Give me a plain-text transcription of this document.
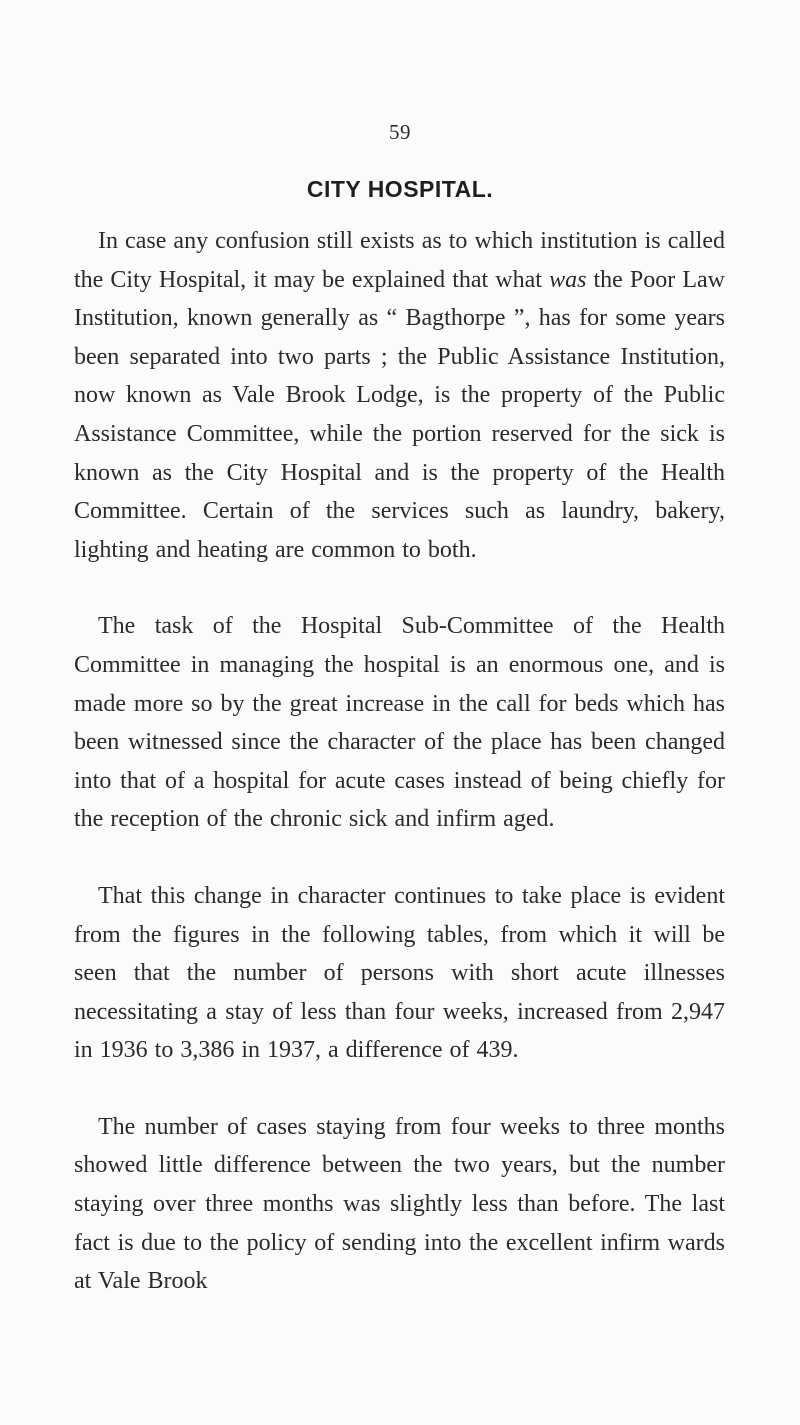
59
CITY HOSPITAL.

In case any confusion still exists as to which institution is called the City Hospital, it may be explained that what was the Poor Law Institution, known generally as “ Bagthorpe ”, has for some years been separated into two parts ; the Public Assistance Institution, now known as Vale Brook Lodge, is the property of the Public Assistance Committee, while the portion reserved for the sick is known as the City Hospital and is the property of the Health Committee. Certain of the services such as laundry, bakery, lighting and heating are common to both.

The task of the Hospital Sub-Committee of the Health Committee in managing the hospital is an enormous one, and is made more so by the great increase in the call for beds which has been witnessed since the character of the place has been changed into that of a hospital for acute cases instead of being chiefly for the reception of the chronic sick and infirm aged.

That this change in character continues to take place is evident from the figures in the following tables, from which it will be seen that the number of persons with short acute illnesses necessitating a stay of less than four weeks, increased from 2,947 in 1936 to 3,386 in 1937, a difference of 439.

The number of cases staying from four weeks to three months showed little difference between the two years, but the number staying over three months was slightly less than before. The last fact is due to the policy of sending into the excellent infirm wards at Vale Brook
